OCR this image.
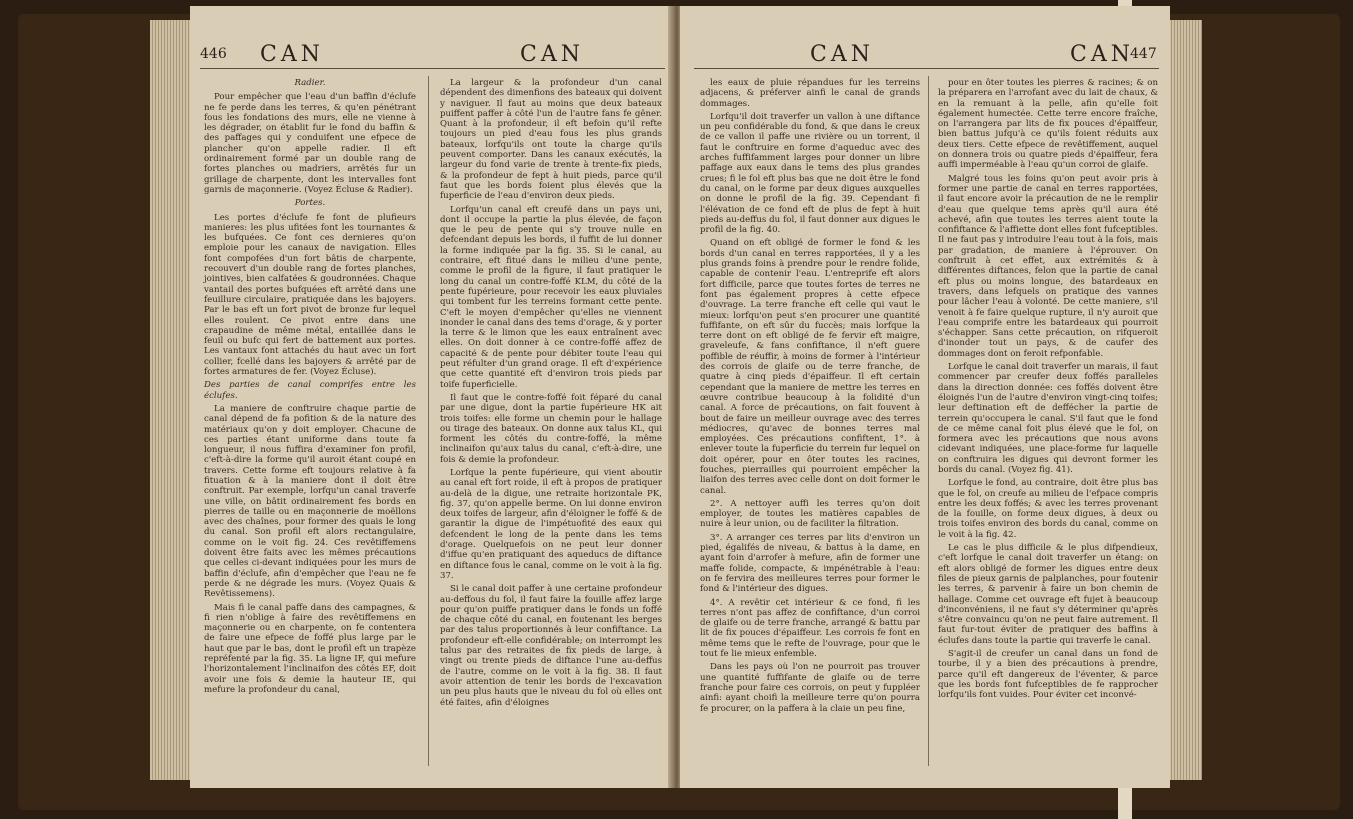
446 CAN	CAN

Radier.

Pour empêcher que l'eau d'un baffin d'éclufe ne fe perde dans les terres, & qu'en pénétrant fous les fondations des murs, elle ne vienne à les dégrader, on établit fur le fond du baffin & des paffages qui y conduifent une efpece de plancher qu'on appelle radier. Il eft ordinairement formé par un double rang de fortes planches ou madriers, arrêtés fur un grillage de charpente, dont les intervalles font garnis de maçonnerie. (Voyez Écluse & Radier).

Portes.

Les portes d'éclufe fe font de plufieurs manieres: les plus ufitées font les tournantes & les bufquées. Ce font ces dernieres qu'on emploie pour les canaux de navigation. Elles font compofées d'un fort bâtis de charpente, recouvert d'un double rang de fortes planches, jointives, bien calfatées & goudronnées. Chaque vantail des portes bufquées eft arrêté dans une feuillure circulaire, pratiquée dans les bajoyers. Par le bas eft un fort pivot de bronze fur lequel elles roulent. Ce pivot entre dans une crapaudine de même métal, entaillée dans le feuil ou bufc qui fert de battement aux portes. Les vantaux font attachés du haut avec un fort collier, fcellé dans les bajoyers & arrêté par de fortes armatures de fer. (Voyez Écluse).

Des parties de canal comprifes entre les éclufes.

La maniere de conftruire chaque partie de canal dépend de fa pofition & de la nature des matériaux qu'on y doit employer. Chacune de ces parties étant uniforme dans toute fa longueur, il nous fuffira d'examiner fon profil, c'eft-à-dire la forme qu'il auroit étant coupé en travers. Cette forme eft toujours relative à fa fituation & à la maniere dont il doit être conftruit. Par exemple, lorfqu'un canal traverfe une ville, on bâtit ordinairement fes bords en pierres de taille ou en maçonnerie de moëllons avec des chaînes, pour former des quais le long du canal. Son profil eft alors rectangulaire, comme on le voit fig. 24. Ces revêtiffemens doivent être faits avec les mêmes précautions que celles ci-devant indiquées pour les murs de baffin d'éclufe, afin d'empêcher que l'eau ne fe perde & ne dégrade les murs. (Voyez Quais & Revêtissemens).

Mais fi le canal paffe dans des campagnes, & fi rien n'oblige à faire des revêtiffemens en maçonnerie ou en charpente, on fe contentera de faire une efpece de foffé plus large par le haut que par le bas, dont le profil eft un trapèze repréfenté par la fig. 35. La ligne IF, qui mefure l'horizontalement l'inclinaifon des côtés EF, doit avoir une fois & demie la hauteur IE, qui mefure la profondeur du canal,

La largeur & la profondeur d'un canal dépendent des dimenfions des bateaux qui doivent y naviguer. Il faut au moins que deux bateaux puiffent paffer à côté l'un de l'autre fans fe gêner. Quant à la profondeur, il eft befoin qu'il refte toujours un pied d'eau fous les plus grands bateaux, lorfqu'ils ont toute la charge qu'ils peuvent comporter. Dans les canaux exécutés, la largeur du fond varie de trente à trente-fix pieds, & la profondeur de fept à huit pieds, parce qu'il faut que les bords foient plus élevés que la fuperficie de l'eau d'environ deux pieds.

Lorfqu'un canal eft creufé dans un pays uni, dont il occupe la partie la plus élevée, de façon que le peu de pente qui s'y trouve nulle en defcendant depuis les bords, il fuffit de lui donner la forme indiquée par la fig. 35. Si le canal, au contraire, eft fitué dans le milieu d'une pente, comme le profil de la figure, il faut pratiquer le long du canal un contre-foffé KLM, du côté de la pente fupérieure, pour recevoir les eaux pluviales qui tombent fur les terreins formant cette pente. C'eft le moyen d'empêcher qu'elles ne viennent inonder le canal dans des tems d'orage, & y porter la terre & le limon que les eaux entraînent avec elles. On doit donner à ce contre-foffé affez de capacité & de pente pour débiter toute l'eau qui peut réfulter d'un grand orage. Il eft d'expérience que cette quantité eft d'environ trois pieds par toife fuperficielle.

Il faut que le contre-foffé foit féparé du canal par une digue, dont la partie fupérieure HK ait trois toifes: elle forme un chemin pour le hallage ou tirage des bateaux. On donne aux talus KL, qui forment les côtés du contre-foffé, la même inclinaifon qu'aux talus du canal, c'eft-à-dire, une fois & demie la profondeur.

Lorfque la pente fupérieure, qui vient aboutir au canal eft fort roide, il eft à propos de pratiquer au-delà de la digue, une retraite horizontale PK, fig. 37, qu'on appelle berme. On lui donne environ deux toifes de largeur, afin d'éloigner le foffé & de garantir la digue de l'impétuofité des eaux qui defcendent le long de la pente dans les tems d'orage. Quelquefois on ne peut leur donner d'iffue qu'en pratiquant des aqueducs de diftance en diftance fous le canal, comme on le voit à la fig. 37.

Si le canal doit paffer à une certaine profondeur au-deffous du fol, il faut faire la fouille affez large pour qu'on puiffe pratiquer dans le fonds un foffé de chaque côté du canal, en foutenant les berges par des talus proportionnés à leur confiftance. La profondeur eft-elle confidérable; on interrompt les talus par des retraites de fix pieds de large, à vingt ou trente pieds de diftance l'une au-deffus de l'autre, comme on le voit à la fig. 38. Il faut avoir attention de tenir les bords de l'excavation un peu plus hauts que le niveau du fol où elles ont été faites, afin d'éloignes

CAN	CAN
447

les eaux de pluie répandues fur les terreins adjacens, & préferver ainfi le canal de grands dommages.

Lorfqu'il doit traverfer un vallon à une diftance un peu confidérable du fond, & que dans le creux de ce vallon il paffe une rivière ou un torrent, il faut le conftruire en forme d'aqueduc avec des arches fuffifamment larges pour donner un libre paffage aux eaux dans le tems des plus grandes crues; fi le fol eft plus bas que ne doit être le fond du canal, on le forme par deux digues auxquelles on donne le profil de la fig. 39. Cependant fi l'élévation de ce fond eft de plus de fept à huit pieds au-deffus du fol, il faut donner aux digues le profil de la fig. 40.

Quand on eft obligé de former le fond & les bords d'un canal en terres rapportées, il y a les plus grands foins à prendre pour le rendre folide, capable de contenir l'eau. L'entreprife eft alors fort difficile, parce que toutes fortes de terres ne font pas également propres à cette efpece d'ouvrage. La terre franche eft celle qui vaut le mieux: lorfqu'on peut s'en procurer une quantité fuffifante, on eft sûr du fuccès; mais lorfque la terre dont on eft obligé de fe fervir eft maigre, graveleufe, & fans confiftance, il n'eft guere poffible de réuffir, à moins de former à l'intérieur des corrois de glaife ou de terre franche, de quatre à cinq pieds d'épaiffeur. Il eft certain cependant que la maniere de mettre les terres en œuvre contribue beaucoup à la folidité d'un canal. A force de précautions, on fait fouvent à bout de faire un meilleur ouvrage avec des terres médiocres, qu'avec de bonnes terres mal employées. Ces précautions confiftent, 1°. à enlever toute la fuperficie du terrein fur lequel on doit opérer, pour en ôter toutes les racines, fouches, pierrailles qui pourroient empêcher la liaifon des terres avec celle dont on doit former le canal.

2°. A nettoyer auffi les terres qu'on doit employer, de toutes les matières capables de nuire à leur union, ou de faciliter la filtration.

3°. A arranger ces terres par lits d'environ un pied, égalifés de niveau, & battus à la dame, en ayant foin d'arrofer à mefure, afin de former une maffe folide, compacte, & impénétrable à l'eau: on fe fervira des meilleures terres pour former le fond & l'intérieur des digues.

4°. A revêtir cet intérieur & ce fond, fi les terres n'ont pas affez de confiftance, d'un corroi de glaife ou de terre franche, arrangé & battu par lit de fix pouces d'épaiffeur. Les corrois fe font en même tems que le refte de l'ouvrage, pour que le tout fe lie mieux enfemble.

Dans les pays où l'on ne pourroit pas trouver une quantité fuffifante de glaife ou de terre franche pour faire ces corrois, on peut y fuppléer ainfi: ayant choifi la meilleure terre qu'on pourra fe procurer, on la paffera à la claie un peu fine,

pour en ôter toutes les pierres & racines; & on la préparera en l'arrofant avec du lait de chaux, & en la remuant à la pelle, afin qu'elle foit également humectée. Cette terre encore fraîche, on l'arrangera par lits de fix pouces d'épaiffeur, bien battus jufqu'à ce qu'ils foient réduits aux deux tiers. Cette efpece de revêtiffement, auquel on donnera trois ou quatre pieds d'épaiffeur, fera auffi imperméable à l'eau qu'un corroi de glaife.

Malgré tous les foins qu'on peut avoir pris à former une partie de canal en terres rapportées, il faut encore avoir la précaution de ne le remplir d'eau que quelque tems après qu'il aura été achevé, afin que toutes les terres aient toute la confiftance & l'affiette dont elles font fufceptibles. Il ne faut pas y introduire l'eau tout à la fois, mais par gradation, de maniere à l'éprouver. On conftruit à cet effet, aux extrémités & à différentes diftances, felon que la partie de canal eft plus ou moins longue, des batardeaux en travers, dans lefquels on pratique des vannes pour lâcher l'eau à volonté. De cette maniere, s'il venoit à fe faire quelque rupture, il n'y auroit que l'eau comprife entre les batardeaux qui pourroit s'échapper. Sans cette précaution, on rifqueroit d'inonder tout un pays, & de caufer des dommages dont on feroit refponfable.

Lorfque le canal doit traverfer un marais, il faut commencer par creufer deux foffés paralleles dans la direction donnée: ces foffés doivent être éloignés l'un de l'autre d'environ vingt-cinq toifes; leur deftination eft de deffécher la partie de terrein qu'occupera le canal. S'il faut que le fond de ce même canal foit plus élevé que le fol, on formera avec les précautions que nous avons cidevant indiquées, une place-forme fur laquelle on conftruira les digues qui devront former les bords du canal. (Voyez fig. 41).

Lorfque le fond, au contraire, doit être plus bas que le fol, on creufe au milieu de l'efpace compris entre les deux foffés; & avec les terres provenant de la fouille, on forme deux digues, à deux ou trois toifes environ des bords du canal, comme on le voit à la fig. 42.

Le cas le plus difficile & le plus difpendieux, c'eft lorfque le canal doit traverfer un étang: on eft alors obligé de former les digues entre deux files de pieux garnis de palplanches, pour foutenir les terres, & parvenir à faire un bon chemin de hallage. Comme cet ouvrage eft fujet à beaucoup d'inconvéniens, il ne faut s'y déterminer qu'après s'être convaincu qu'on ne peut faire autrement. Il faut fur-tout éviter de pratiquer des baffins à éclufes dans toute la partie qui traverfe le canal.

S'agit-il de creufer un canal dans un fond de tourbe, il y a bien des précautions à prendre, parce qu'il eft dangereux de l'éventer, & parce que les bords font fufceptibles de fe rapprocher lorfqu'ils font vuides. Pour éviter cet inconvé-
